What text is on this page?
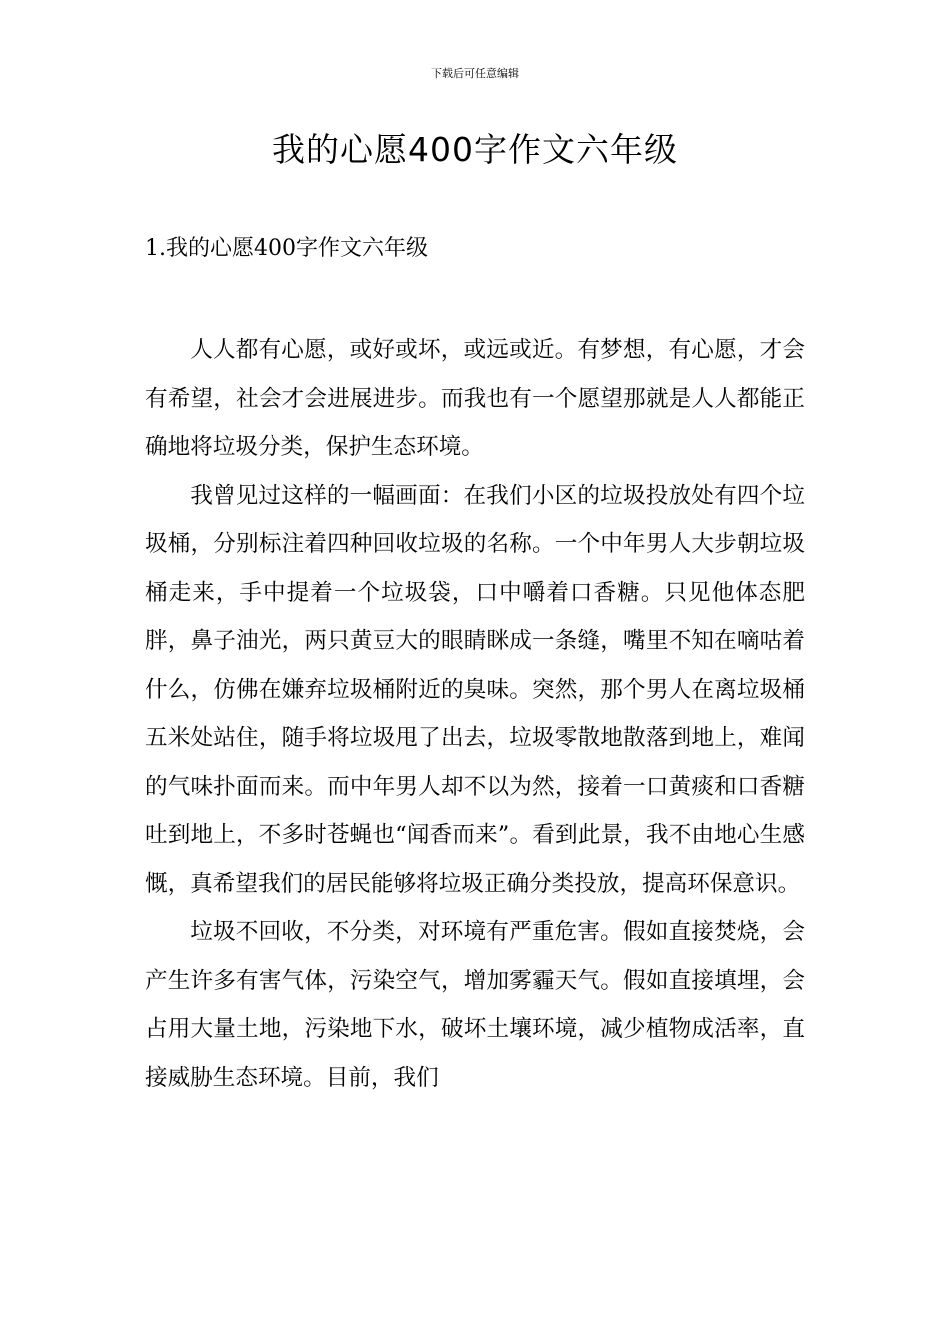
下载后可任意编辑
我的心愿400字作文六年级
1.我的心愿400字作文六年级

人人都有心愿，或好或坏，或远或近。有梦想，有心愿，才会有希望，社会才会进展进步。而我也有一个愿望那就是人人都能正确地将垃圾分类，保护生态环境。

我曾见过这样的一幅画面：在我们小区的垃圾投放处有四个垃圾桶，分别标注着四种回收垃圾的名称。一个中年男人大步朝垃圾桶走来，手中提着一个垃圾袋，口中嚼着口香糖。只见他体态肥胖，鼻子油光，两只黄豆大的眼睛眯成一条缝，嘴里不知在嘀咕着什么，仿佛在嫌弃垃圾桶附近的臭味。突然，那个男人在离垃圾桶五米处站住，随手将垃圾甩了出去，垃圾零散地散落到地上，难闻的气味扑面而来。而中年男人却不以为然，接着一口黄痰和口香糖吐到地上，不多时苍蝇也“闻香而来”。看到此景，我不由地心生感慨，真希望我们的居民能够将垃圾正确分类投放，提高环保意识。

垃圾不回收，不分类，对环境有严重危害。假如直接焚烧，会产生许多有害气体，污染空气，增加雾霾天气。假如直接填埋，会占用大量土地，污染地下水，破坏土壤环境，减少植物成活率，直接威胁生态环境。目前，我们
